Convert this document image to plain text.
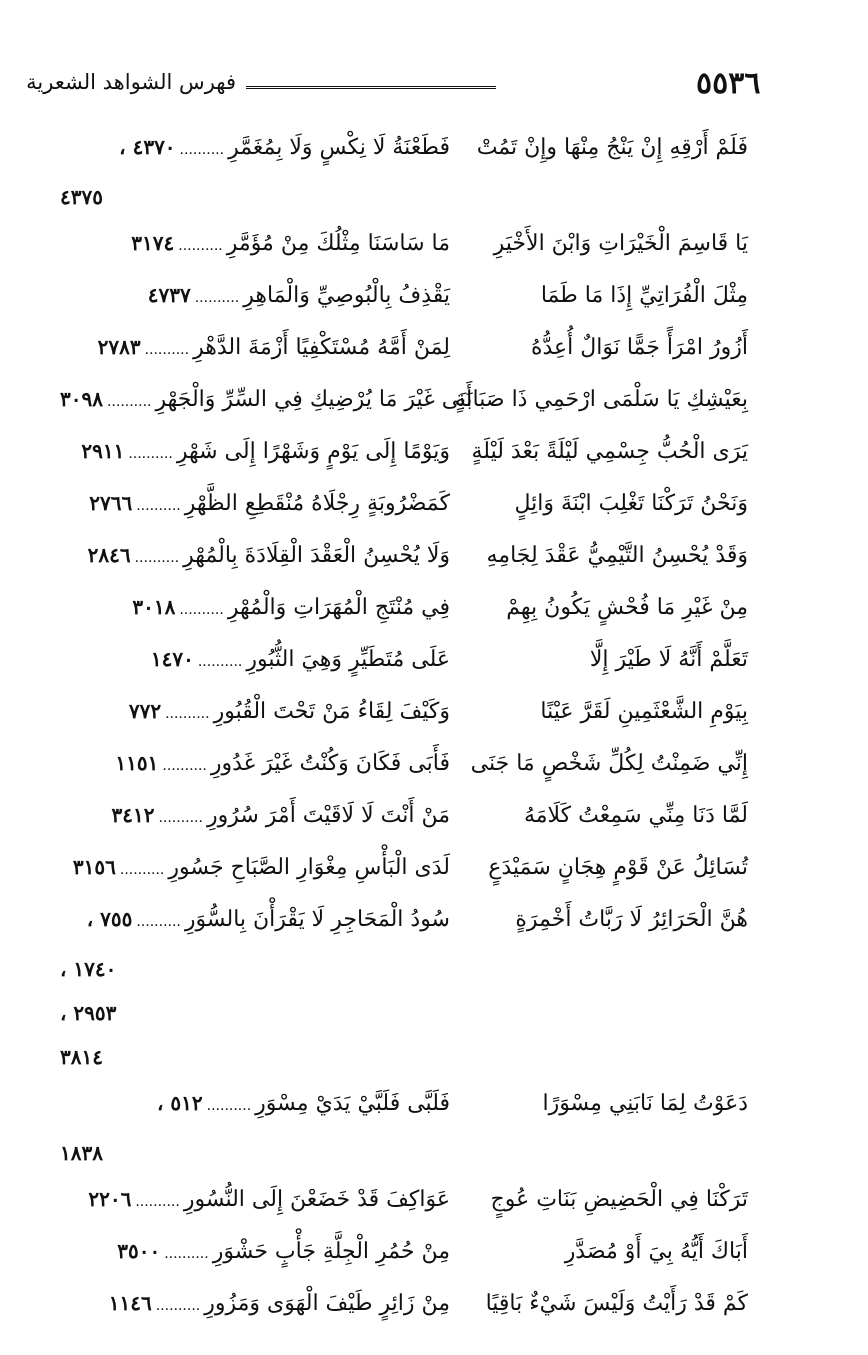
٥٥٣٦
فهرس الشواهد الشعرية
فَلَمْ أَرْقِهِ إِنْ يَنْجُ مِنْهَا وإِنْ تَمُتْ
٤٣٧٠ ، .......... فَطَعْنَةُ لَا نِكْسٍ وَلَا بِمُغَمَّرِ
٤٣٧٥
يَا قَاسِمَ الْخَيْرَاتِ وَابْنَ الأَخْيَرِ
٣١٧٤ .......... مَا سَاسَنَا مِثْلُكَ مِنْ مُؤَمَّرِ
مِثْلَ الْفُرَاتِيِّ إِذَا مَا طَمَا
٤٧٣٧ .......... يَقْذِفُ بِالْبُوصِيِّ وَالْمَاهِرِ
أَزُورُ امْرَأً جَمًّا نَوَالٌ أُعِدُّهُ
٢٧٨٣ .......... لِمَنْ أَمَّهُ مُسْتَكْفِيًا أَزْمَةَ الدَّهْرِ
بِعَيْشِكِ يَا سَلْمَى ارْحَمِي ذَا صَبَابَةٍ
٣٠٩٨ .......... أَبَى غَيْرَ مَا يُرْضِيكِ فِي السِّرِّ وَالْجَهْرِ
يَرَى الْحُبُّ جِسْمِي لَيْلَةً بَعْدَ لَيْلَةٍ
٢٩١١ .......... وَيَوْمًا إِلَى يَوْمٍ وَشَهْرًا إِلَى شَهْرِ
وَنَحْنُ تَرَكْنَا تَغْلِبَ ابْنَةَ وَائِلٍ
٢٧٦٦ .......... كَمَضْرُوبَةٍ رِجْلَاهُ مُنْقَطِعِ الظَّهْرِ
وَقَدْ يُحْسِنُ التَّيْمِيُّ عَقْدَ لِجَامِهِ
٢٨٤٦ .......... وَلَا يُحْسِنُ الْعَقْدَ الْقِلَادَةَ بِالْمُهْرِ
مِنْ غَيْرِ مَا فُحْشٍ يَكُونُ بِهِمْ
٣٠١٨ .......... فِي مُنْتَجِ الْمُهَرَاتِ وَالْمُهْرِ
تَعَلَّمْ أَنَّهُ لَا طَيْرَ إِلَّا
١٤٧٠ .......... عَلَى مُتَطَيِّرٍ وَهِيَ الثُّبُورِ
بِيَوْمِ الشَّعْثَمِينِ لَقَرَّ عَيْنًا
٧٧٢ .......... وَكَيْفَ لِقَاءُ مَنْ تَحْتَ الْقُبُورِ
إِنِّي ضَمِنْتُ لِكُلِّ شَخْصٍ مَا جَنَى
١١٥١ .......... فَأَبَى فَكَانَ وَكُنْتُ غَيْرَ غَدُورِ
لَمَّا دَنَا مِنِّي سَمِعْتُ كَلَامَهُ
٣٤١٢ .......... مَنْ أَنْتَ لَا لَاقَيْتَ أَمْرَ سُرُورِ
تُسَائِلُ عَنْ قَوْمٍ هِجَانٍ سَمَيْدَعٍ
٣١٥٦ .......... لَدَى الْبَأْسِ مِغْوَارِ الصَّبَاحِ جَسُورِ
هُنَّ الْحَرَائِرُ لَا رَبَّاتُ أَخْمِرَةٍ
٧٥٥ ، .......... سُودُ الْمَحَاجِرِ لَا يَقْرَأْنَ بِالسُّوَرِ
١٧٤٠ ،
٢٩٥٣ ،
٣٨١٤
دَعَوْتُ لِمَا نَابَنِي مِسْوَرًا
٥١٢ ، .......... فَلَبَّى فَلَبَّيْ يَدَيْ مِسْوَرِ
١٨٣٨
تَرَكْنَا فِي الْحَضِيضِ بَنَاتِ عُوجٍ
٢٢٠٦ .......... عَوَاكِفَ قَدْ خَضَعْنَ إِلَى النُّسُورِ
أَبَاكَ أَيُّهُ بِيَ أَوْ مُصَدَّرِ
٣٥٠٠ .......... مِنْ حُمُرِ الْجِلَّةِ جَأْبٍ حَشْوَرِ
كَمْ قَدْ رَأَيْتُ وَلَيْسَ شَيْءٌ بَاقِيًا
١١٤٦ .......... مِنْ زَائِرٍ طَيْفَ الْهَوَى وَمَزُورِ
